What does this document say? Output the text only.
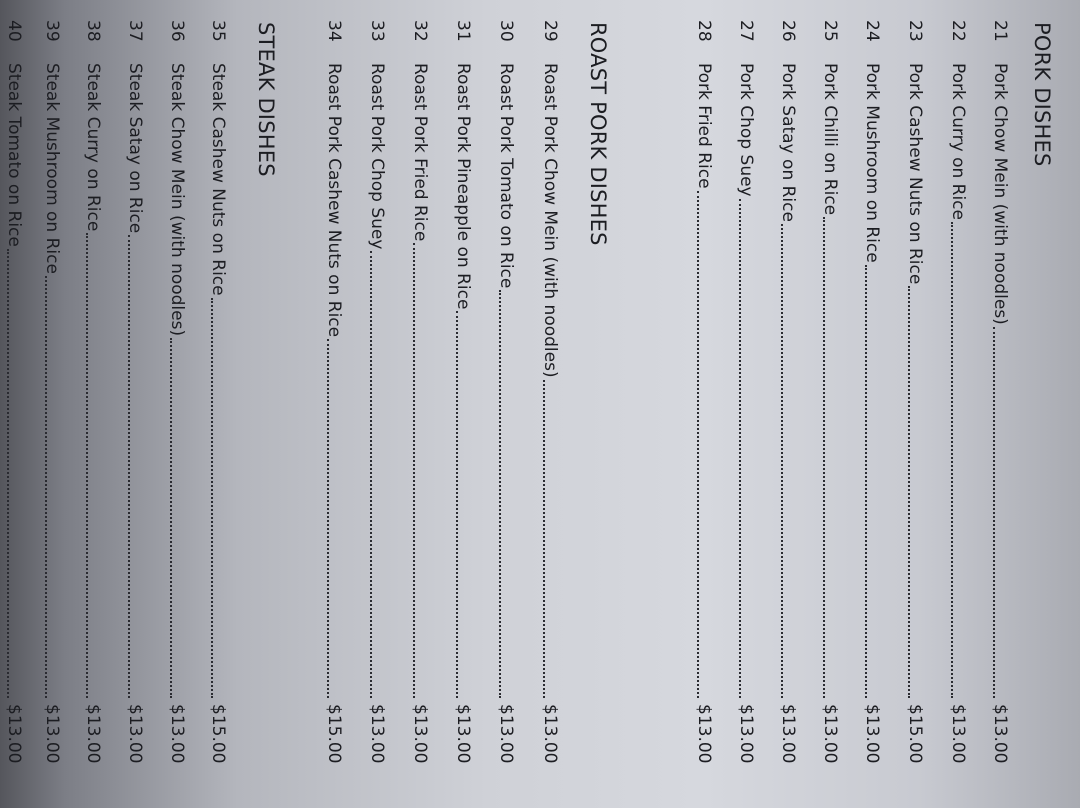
PORK DISHES
21
Pork Chow Mein (with noodles)
$13.00
22
Pork Curry on Rice
$13.00
23
Pork Cashew Nuts on Rice
$15.00
24
Pork Mushroom on Rice
$13.00
25
Pork Chilli on Rice
$13.00
26
Pork Satay on Rice
$13.00
27
Pork Chop Suey
$13.00
28
Pork Fried Rice
$13.00
ROAST PORK DISHES
29
Roast Pork Chow Mein (with noodles)
$13.00
30
Roast Pork Tomato on Rice
$13.00
31
Roast Pork Pineapple on Rice
$13.00
32
Roast Pork Fried Rice
$13.00
33
Roast Pork Chop Suey
$13.00
34
Roast Pork Cashew Nuts on Rice
$15.00
STEAK DISHES
35
Steak Cashew Nuts on Rice
$15.00
36
Steak Chow Mein (with noodles)
$13.00
37
Steak Satay on Rice
$13.00
38
Steak Curry on Rice
$13.00
39
Steak Mushroom on Rice
$13.00
40
Steak Tomato on Rice
$13.00
